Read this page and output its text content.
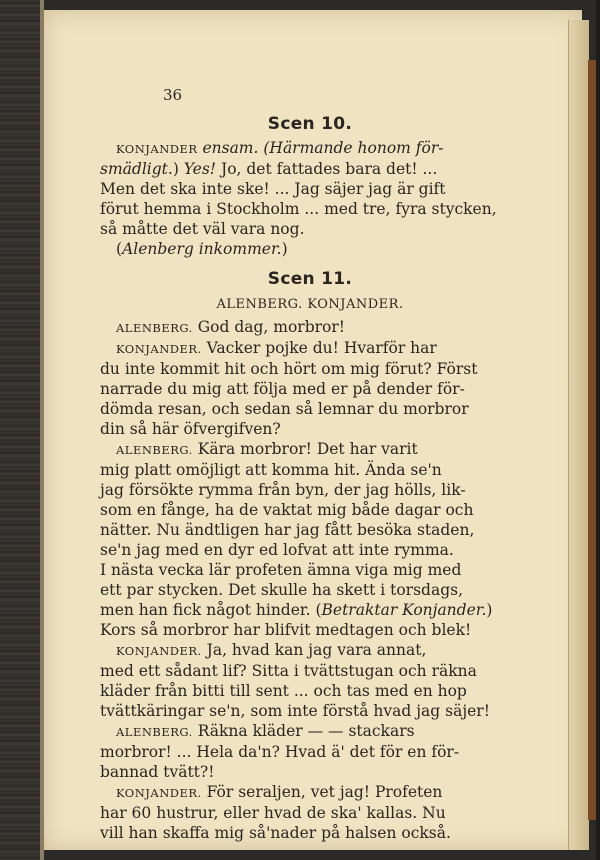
36

Scen 10.

KONJANDER ensam. (Härmande honom för-

smädligt.) Yes! Jo, det fattades bara det! ...

Men det ska inte ske! ... Jag säjer jag är gift

förut hemma i Stockholm ... med tre, fyra stycken,

så måtte det väl vara nog.

(Alenberg inkommer.)

Scen 11.

ALENBERG. KONJANDER.

ALENBERG. God dag, morbror!

KONJANDER. Vacker pojke du! Hvarför har

du inte kommit hit och hört om mig förut? Först

narrade du mig att följa med er på dender för-

dömda resan, och sedan så lemnar du morbror

din så här öfvergifven?

ALENBERG. Kära morbror! Det har varit

mig platt omöjligt att komma hit. Ända se'n

jag försökte rymma från byn, der jag hölls, lik-

som en fånge, ha de vaktat mig både dagar och

nätter. Nu ändtligen har jag fått besöka staden,

se'n jag med en dyr ed lofvat att inte rymma.

I nästa vecka lär profeten ämna viga mig med

ett par stycken. Det skulle ha skett i torsdags,

men han fick något hinder. (Betraktar Konjander.)

Kors så morbror har blifvit medtagen och blek!

KONJANDER. Ja, hvad kan jag vara annat,

med ett sådant lif? Sitta i tvättstugan och räkna

kläder från bitti till sent ... och tas med en hop

tvättkäringar se'n, som inte förstå hvad jag säjer!

ALENBERG. Räkna kläder — — stackars

morbror! ... Hela da'n? Hvad ä' det för en för-

bannad tvätt?!

KONJANDER. För seraljen, vet jag! Profeten

har 60 hustrur, eller hvad de ska' kallas. Nu

vill han skaffa mig så'nader på halsen också.
